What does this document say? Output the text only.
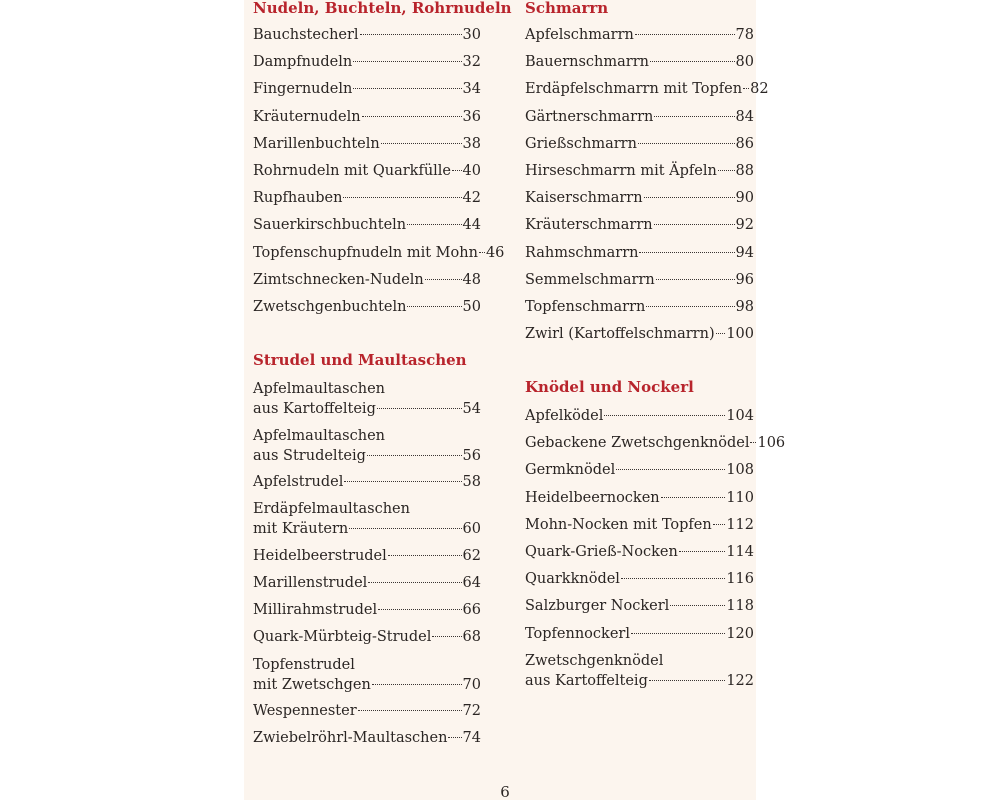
Nudeln, Buchteln, Rohrnudeln
Bauchstecherl	30
Dampfnudeln	32
Fingernudeln	34
Kräuternudeln	36
Marillenbuchteln	38
Rohrnudeln mit Quarkfülle 40
Rupfhauben	42
Sauerkirschbuchteln	44
Topfenschupfnudeln mit Mohn 46
Zimtschnecken-Nudeln	48
Zwetschgenbuchteln	50
Strudel und Maultaschen
Apfelmaultaschen
aus Kartoffelteig	54
Apfelmaultaschen
aus Strudelteig	56
Apfelstrudel	58
Erdäpfelmaultaschen
mit Kräutern	60
Heidelbeerstrudel	62
Marillenstrudel	64
Millirahmstrudel	66
Quark-Mürbteig-Strudel 68
Topfenstrudel
mit Zwetschgen	70
Wespennester	72
Zwiebelröhrl-Maultaschen 74
Schmarrn
Apfelschmarrn	78
Bauernschmarrn	80
Erdäpfelschmarrn mit Topfen 82
Gärtnerschmarrn	84
Grießschmarrn	86
Hirseschmarrn mit Äpfeln 88
Kaiserschmarrn	90
Kräuterschmarrn	92
Rahmschmarrn	94
Semmelschmarrn	96
Topfenschmarrn	98
Zwirl (Kartoffelschmarrn) 100
Knödel und Nockerl
Apfelködel	104
Gebackene Zwetschgenknödel 106
Germknödel	108
Heidelbeernocken	110
Mohn-Nocken mit Topfen 112
Quark-Grieß-Nocken	114
Quarkknödel	116
Salzburger Nockerl	118
Topfennockerl	120
Zwetschgenknödel
aus Kartoffelteig	122
6
